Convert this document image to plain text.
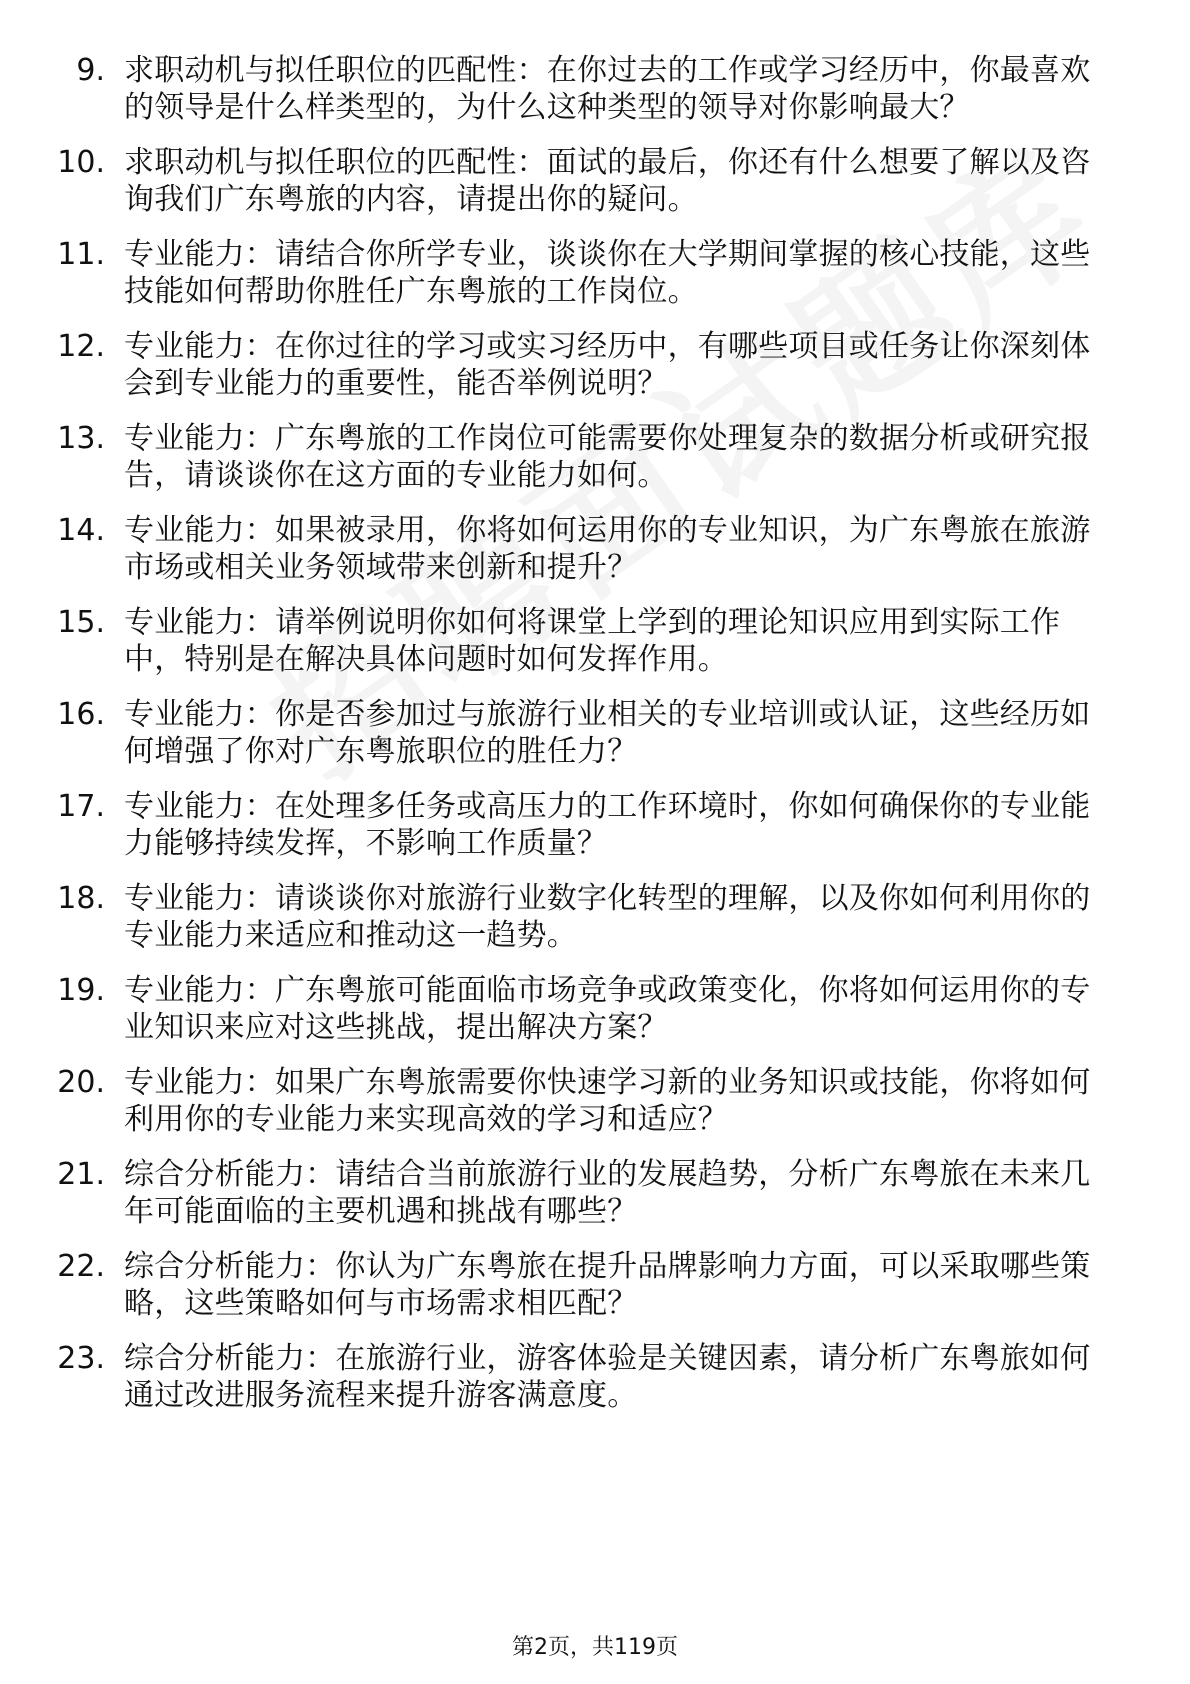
9. 求职动机与拟任职位的匹配性：在你过去的工作或学习经历中，你最喜欢的领导是什么样类型的，为什么这种类型的领导对你影响最大？
10. 求职动机与拟任职位的匹配性：面试的最后，你还有什么想要了解以及咨询我们广东粤旅的内容，请提出你的疑问。
11. 专业能力：请结合你所学专业，谈谈你在大学期间掌握的核心技能，这些技能如何帮助你胜任广东粤旅的工作岗位。
12. 专业能力：在你过往的学习或实习经历中，有哪些项目或任务让你深刻体会到专业能力的重要性，能否举例说明？
13. 专业能力：广东粤旅的工作岗位可能需要你处理复杂的数据分析或研究报告，请谈谈你在这方面的专业能力如何。
14. 专业能力：如果被录用，你将如何运用你的专业知识，为广东粤旅在旅游市场或相关业务领域带来创新和提升？
15. 专业能力：请举例说明你如何将课堂上学到的理论知识应用到实际工作中，特别是在解决具体问题时如何发挥作用。
16. 专业能力：你是否参加过与旅游行业相关的专业培训或认证，这些经历如何增强了你对广东粤旅职位的胜任力？
17. 专业能力：在处理多任务或高压力的工作环境时，你如何确保你的专业能力能够持续发挥，不影响工作质量？
18. 专业能力：请谈谈你对旅游行业数字化转型的理解，以及你如何利用你的专业能力来适应和推动这一趋势。
19. 专业能力：广东粤旅可能面临市场竞争或政策变化，你将如何运用你的专业知识来应对这些挑战，提出解决方案？
20. 专业能力：如果广东粤旅需要你快速学习新的业务知识或技能，你将如何利用你的专业能力来实现高效的学习和适应？
21. 综合分析能力：请结合当前旅游行业的发展趋势，分析广东粤旅在未来几年可能面临的主要机遇和挑战有哪些？
22. 综合分析能力：你认为广东粤旅在提升品牌影响力方面，可以采取哪些策略，这些策略如何与市场需求相匹配？
23. 综合分析能力：在旅游行业，游客体验是关键因素，请分析广东粤旅如何通过改进服务流程来提升游客满意度。
第2页，共119页
